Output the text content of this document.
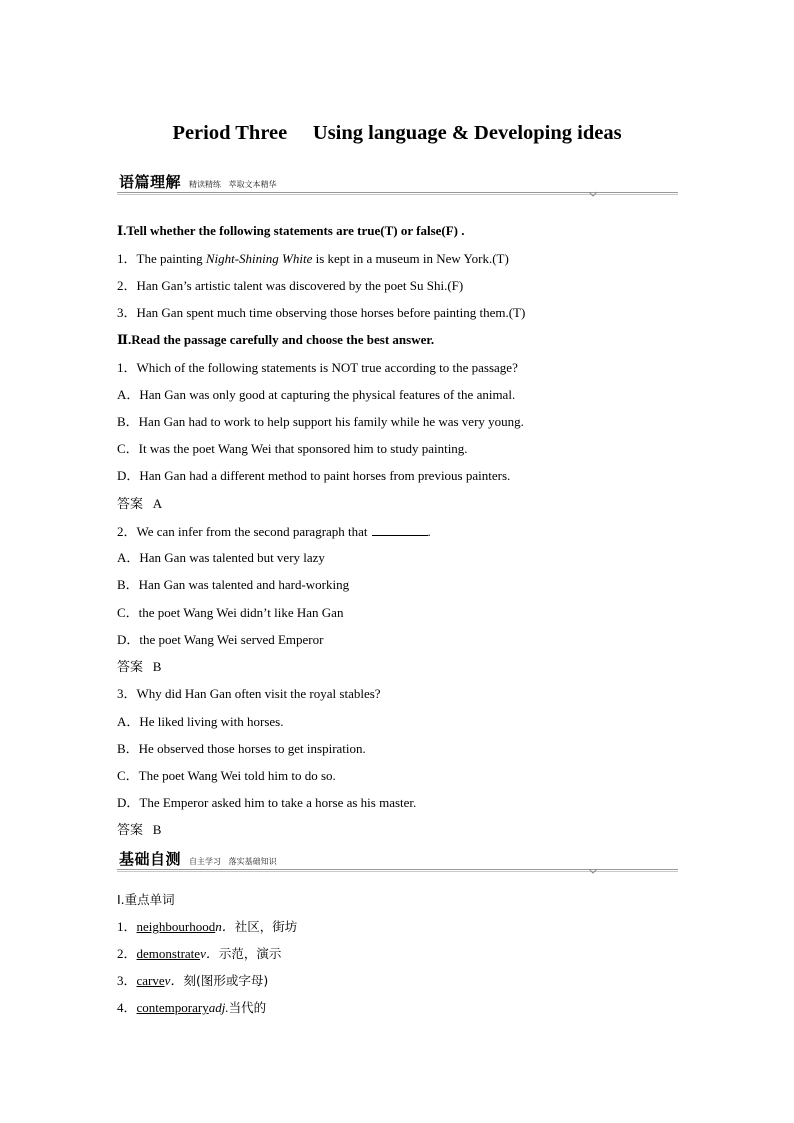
Period Three     Using language & Developing ideas
语篇理解 精读精练   萃取文本精华
Ⅰ.Tell whether the following statements are true(T) or false(F) .
1．The painting Night-Shining White is kept in a museum in New York.(T)
2．Han Gan’s artistic talent was discovered by the poet Su Shi.(F)
3．Han Gan spent much time observing those horses before painting them.(T)
Ⅱ.Read the passage carefully and choose the best answer.
1．Which of the following statements is NOT true according to the passage?
A．Han Gan was only good at capturing the physical features of the animal.
B．Han Gan had to work to help support his family while he was very young.
C．It was the poet Wang Wei that sponsored him to study painting.
D．Han Gan had a different method to paint horses from previous painters.
答案   A
2．We can infer from the second paragraph that	.
A．Han Gan was talented but very lazy
B．Han Gan was talented and hard-working
C．the poet Wang Wei didn’t like Han Gan
D．the poet Wang Wei served Emperor
答案   B
3．Why did Han Gan often visit the royal stables?
A．He liked living with horses.
B．He observed those horses to get inspiration.
C．The poet Wang Wei told him to do so.
D．The Emperor asked him to take a horse as his master.
答案   B
基础自测 自主学习   落实基础知识
Ⅰ.重点单词
1．neighbourhoodn．社区，街坊
2．demonstratev．示范，演示
3．carvev．刻(图形或字母)
4．contemporaryadj.当代的
